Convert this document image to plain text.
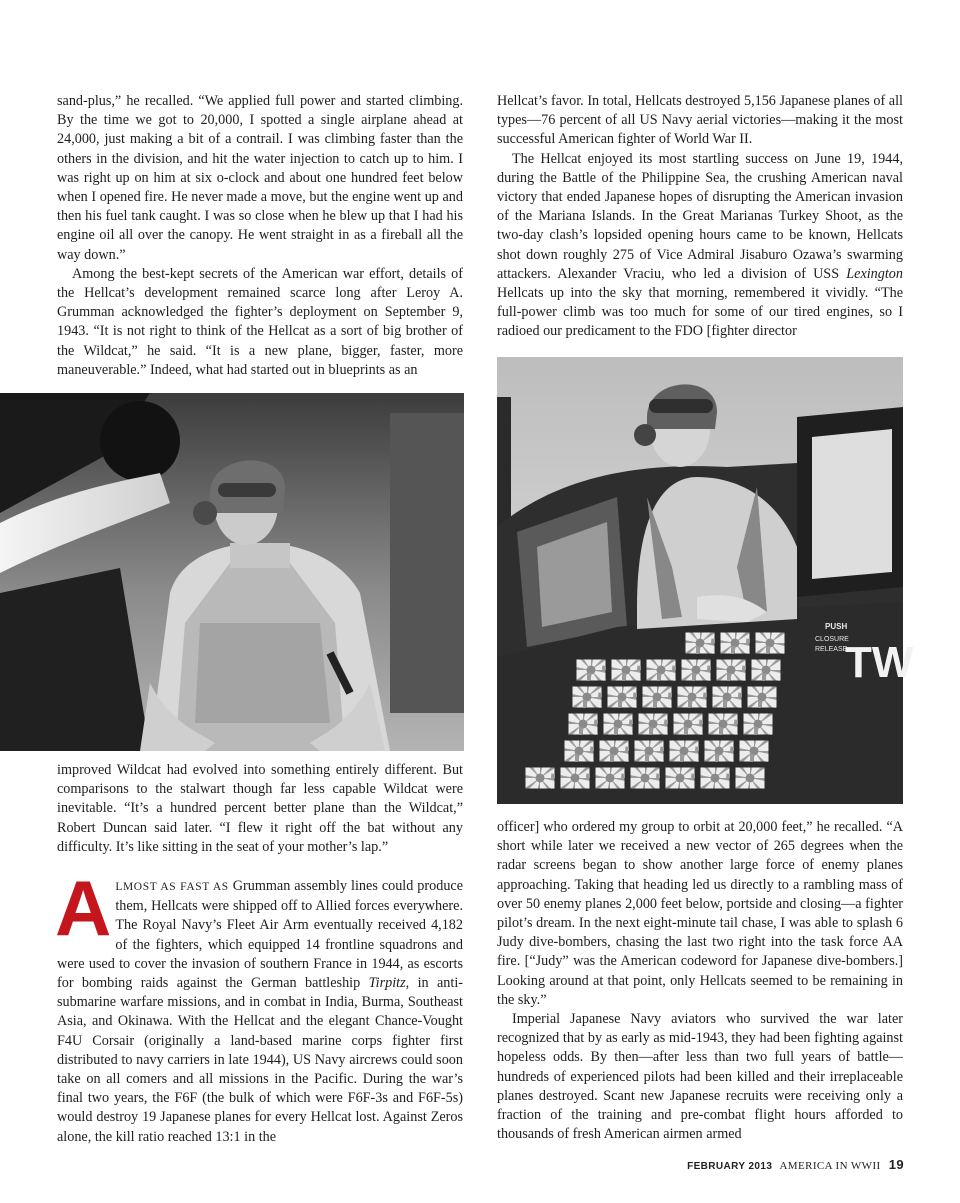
sand-plus,” he recalled. “We applied full power and started climbing. By the time we got to 20,000, I spotted a single airplane ahead at 24,000, just making a bit of a contrail. I was climbing faster than the others in the division, and hit the water injection to catch up to him. I was right up on him at six o-clock and about one hundred feet below when I opened fire. He never made a move, but the engine went up and then his fuel tank caught. I was so close when he blew up that I had his engine oil all over the canopy. He went straight in as a fireball all the way down.”

Among the best-kept secrets of the American war effort, details of the Hellcat’s development remained scarce long after Leroy A. Grumman acknowledged the fighter’s deployment on September 9, 1943. “It is not right to think of the Hellcat as a sort of big brother of the Wildcat,” he said. “It is a new plane, bigger, faster, more maneuverable.” Indeed, what had started out in blueprints as an

improved Wildcat had evolved into something entirely different. But comparisons to the stalwart though far less capable Wildcat were inevitable. “It’s a hundred percent better plane than the Wildcat,” Robert Duncan said later. “I flew it right off the bat without any difficulty. It’s like sitting in the seat of your mother’s lap.”

ALMOST AS FAST AS Grumman assembly lines could produce them, Hellcats were shipped off to Allied forces everywhere. The Royal Navy’s Fleet Air Arm eventually received 4,182 of the fighters, which equipped 14 frontline squadrons and were used to cover the invasion of southern France in 1944, as escorts for bombing raids against the German battleship Tirpitz, in anti-submarine warfare missions, and in combat in India, Burma, Southeast Asia, and Okinawa. With the Hellcat and the elegant Chance-Vought F4U Corsair (originally a land-based marine corps fighter first distributed to navy carriers in late 1944), US Navy aircrews could soon take on all comers and all missions in the Pacific. During the war’s final two years, the F6F (the bulk of which were F6F-3s and F6F-5s) would destroy 19 Japanese planes for every Hellcat lost. Against Zeros alone, the kill ratio reached 13:1 in the

Hellcat’s favor. In total, Hellcats destroyed 5,156 Japanese planes of all types—76 percent of all US Navy aerial victories—making it the most successful American fighter of World War II.

The Hellcat enjoyed its most startling success on June 19, 1944, during the Battle of the Philippine Sea, the crushing American naval victory that ended Japanese hopes of disrupting the American invasion of the Mariana Islands. In the Great Marianas Turkey Shoot, as the two-day clash’s lopsided opening hours came to be known, Hellcats shot down roughly 275 of Vice Admiral Jisaburo Ozawa’s swarming attackers. Alexander Vraciu, who led a division of USS Lexington Hellcats up into the sky that morning, remembered it vividly. “The full-power climb was too much for some of our tired engines, so I radioed our predicament to the FDO [fighter director

PUSH
CLOSURE
RELEASE
TW

officer] who ordered my group to orbit at 20,000 feet,” he recalled. “A short while later we received a new vector of 265 degrees when the radar screens began to show another large force of enemy planes approaching. Taking that heading led us directly to a rambling mass of over 50 enemy planes 2,000 feet below, portside and closing—a fighter pilot’s dream. In the next eight-minute tail chase, I was able to splash 6 Judy dive-bombers, chasing the last two right into the task force AA fire. [“Judy” was the American codeword for Japanese dive-bombers.] Looking around at that point, only Hellcats seemed to be remaining in the sky.”

Imperial Japanese Navy aviators who survived the war later recognized that by as early as mid-1943, they had been fighting against hopeless odds. By then—after less than two full years of battle—hundreds of experienced pilots had been killed and their irreplaceable planes destroyed. Scant new Japanese recruits were receiving only a fraction of the training and pre-combat flight hours afforded to thousands of fresh American airmen armed

FEBRUARY 2013 AMERICA IN WWII 19
